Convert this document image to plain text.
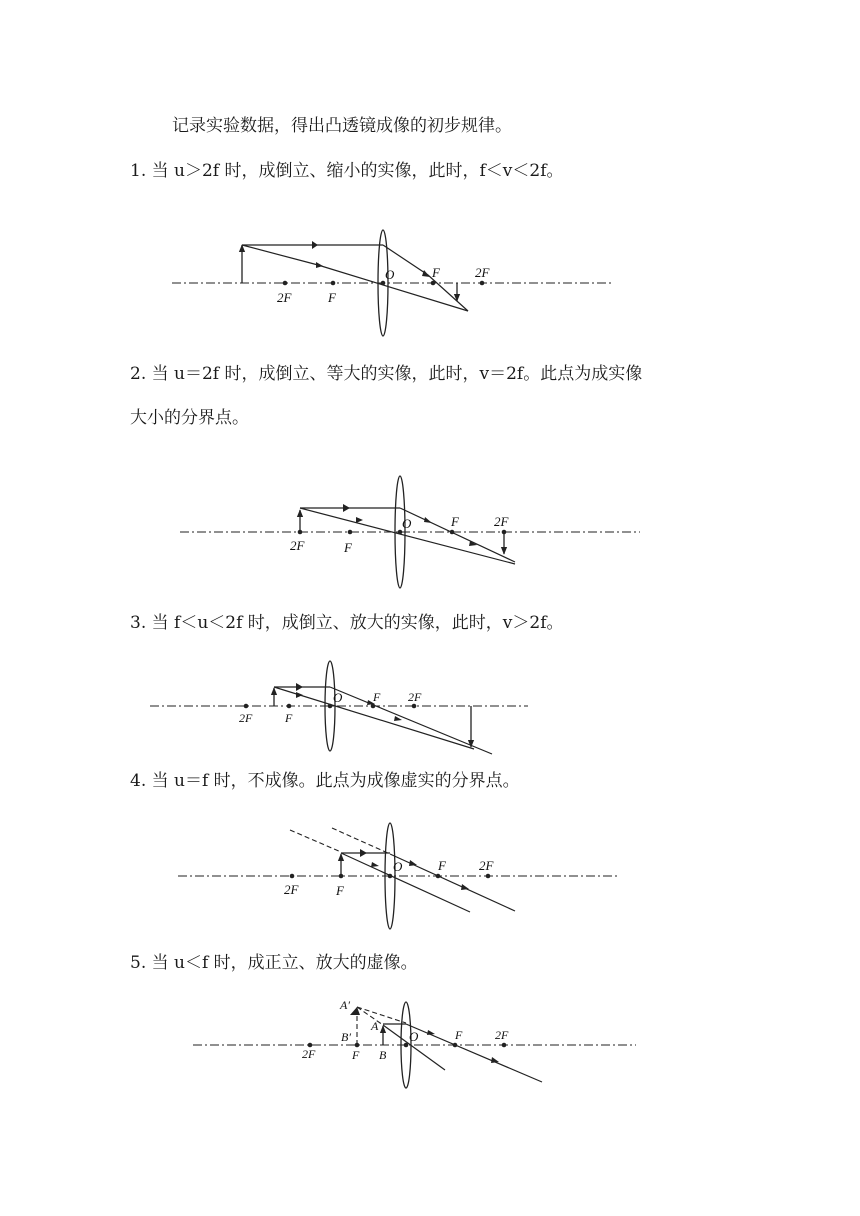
记录实验数据，得出凸透镜成像的初步规律。

1. 当 u＞2f 时，成倒立、缩小的实像，此时，f＜v＜2f。

2. 当 u＝2f 时，成倒立、等大的实像，此时，v＝2f。此点为成实像

大小的分界点。

3. 当 f＜u＜2f 时，成倒立、放大的实像，此时，v＞2f。

4. 当 u＝f 时，不成像。此点为成像虚实的分界点。

5. 当 u＜f 时，成正立、放大的虚像。

2F	F
O	F	2F
2F	F
O	F	2F
2F	F
O	F 2F
2F	F
O	F	2F
A′
B′
A
B
O
2F	F
F	2F
